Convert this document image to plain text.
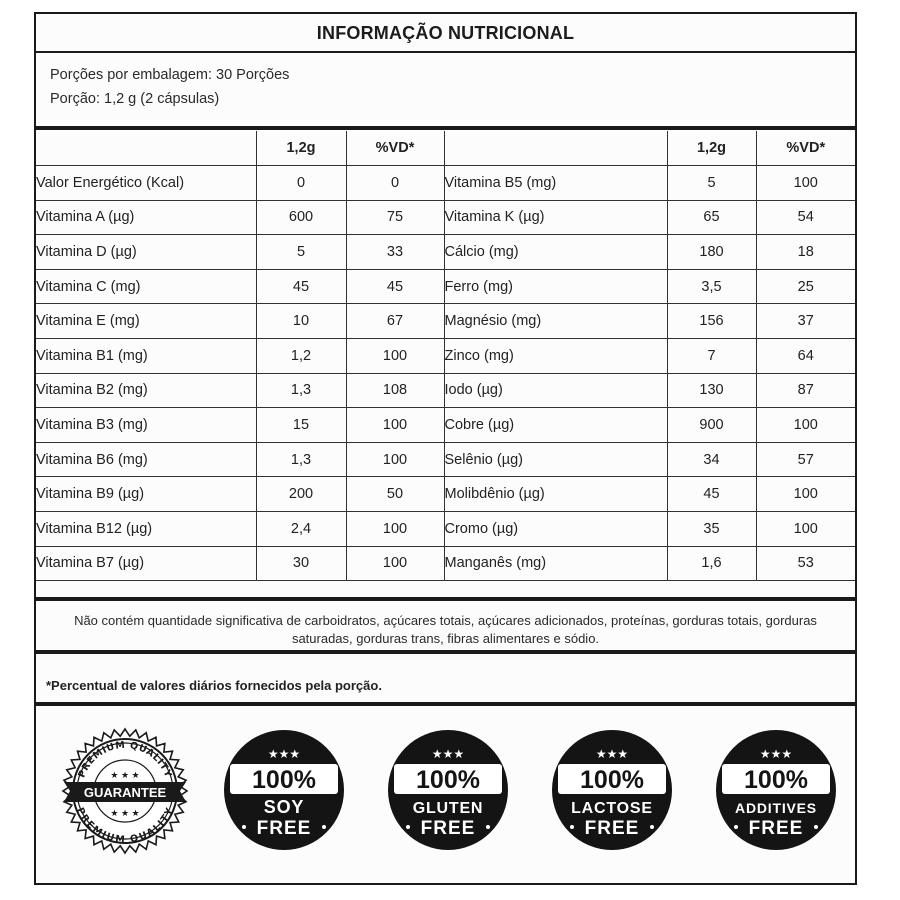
INFORMAÇÃO NUTRICIONAL
Porções por embalagem: 30 Porções
Porção: 1,2 g (2 cápsulas)
	1,2g	%VD*		1,2g	%VD*
Valor Energético (Kcal)	0	0	Vitamina B5 (mg)	5	100
Vitamina A (µg)	600	75	Vitamina K (µg)	65	54
Vitamina D (µg)	5	33	Cálcio (mg)	180	18
Vitamina C (mg)	45	45	Ferro (mg)	3,5	25
Vitamina E (mg)	10	67	Magnésio (mg)	156	37
Vitamina B1 (mg)	1,2	100	Zinco (mg)	7	64
Vitamina B2 (mg)	1,3	108	Iodo (µg)	130	87
Vitamina B3 (mg)	15	100	Cobre (µg)	900	100
Vitamina B6 (mg)	1,3	100	Selênio (µg)	34	57
Vitamina B9 (µg)	200	50	Molibdênio (µg)	45	100
Vitamina B12 (µg)	2,4	100	Cromo (µg)	35	100
Vitamina B7 (µg)	30	100	Manganês (mg)	1,6	53
Não contém quantidade significativa de carboidratos, açúcares totais, açúcares adicionados, proteínas, gorduras totais, gorduras saturadas, gorduras trans, fibras alimentares e sódio.
*Percentual de valores diários fornecidos pela porção.
PREMIUM QUALITY
PREMIUM QUALITY
★ ★ ★
★ ★ ★
GUARANTEE
★★★
100%
SOY
FREE
★★★
100%
GLUTEN
FREE
★★★
100%
LACTOSE
FREE
★★★
100%
ADDITIVES
FREE
